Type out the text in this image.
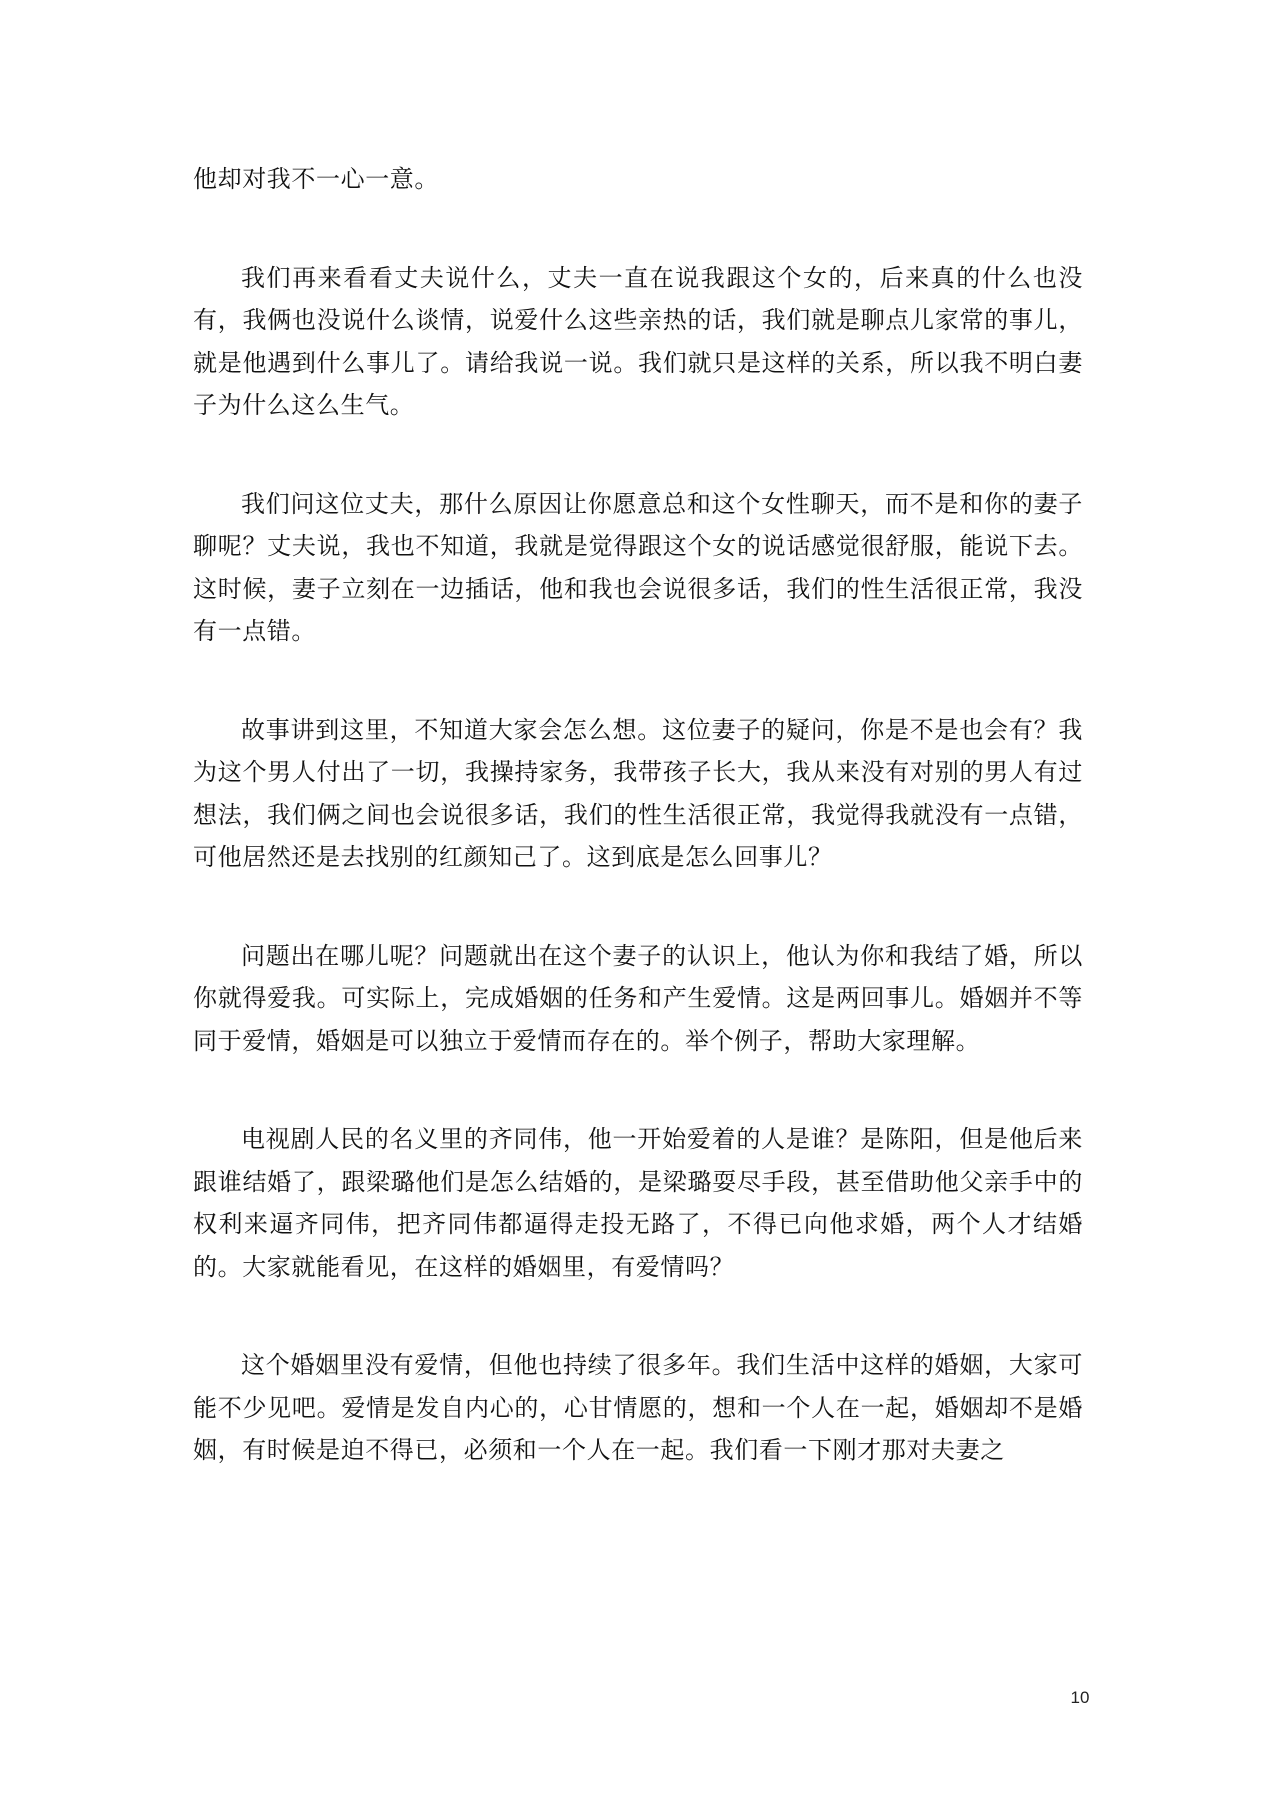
他却对我不一心一意。

我们再来看看丈夫说什么，丈夫一直在说我跟这个女的，后来真的什么也没有，我俩也没说什么谈情，说爱什么这些亲热的话，我们就是聊点儿家常的事儿，就是他遇到什么事儿了。请给我说一说。我们就只是这样的关系，所以我不明白妻子为什么这么生气。

我们问这位丈夫，那什么原因让你愿意总和这个女性聊天，而不是和你的妻子聊呢？丈夫说，我也不知道，我就是觉得跟这个女的说话感觉很舒服，能说下去。这时候，妻子立刻在一边插话，他和我也会说很多话，我们的性生活很正常，我没有一点错。

故事讲到这里，不知道大家会怎么想。这位妻子的疑问，你是不是也会有？我为这个男人付出了一切，我操持家务，我带孩子长大，我从来没有对别的男人有过想法，我们俩之间也会说很多话，我们的性生活很正常，我觉得我就没有一点错，可他居然还是去找别的红颜知己了。这到底是怎么回事儿？

问题出在哪儿呢？问题就出在这个妻子的认识上，他认为你和我结了婚，所以你就得爱我。可实际上，完成婚姻的任务和产生爱情。这是两回事儿。婚姻并不等同于爱情，婚姻是可以独立于爱情而存在的。举个例子，帮助大家理解。

电视剧人民的名义里的齐同伟，他一开始爱着的人是谁？是陈阳，但是他后来跟谁结婚了，跟梁璐他们是怎么结婚的，是梁璐耍尽手段，甚至借助他父亲手中的权利来逼齐同伟，把齐同伟都逼得走投无路了，不得已向他求婚，两个人才结婚的。大家就能看见，在这样的婚姻里，有爱情吗？

这个婚姻里没有爱情，但他也持续了很多年。我们生活中这样的婚姻，大家可能不少见吧。爱情是发自内心的，心甘情愿的，想和一个人在一起，婚姻却不是婚姻，有时候是迫不得已，必须和一个人在一起。我们看一下刚才那对夫妻之

10
